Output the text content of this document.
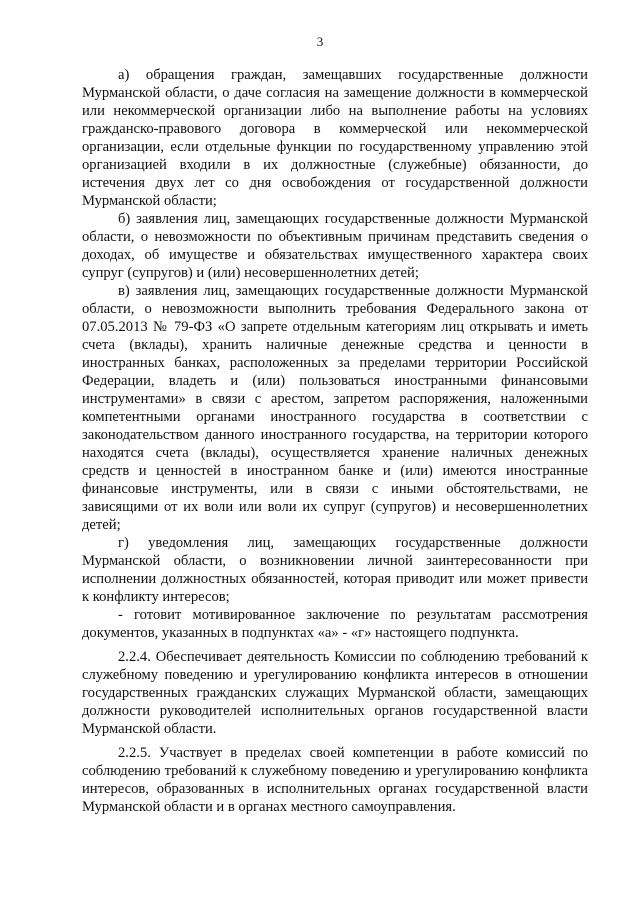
3

а) обращения граждан, замещавших государственные должности Мурманской области, о даче согласия на замещение должности в коммерческой или некоммерческой организации либо на выполнение работы на условиях гражданско-правового договора в коммерческой или некоммерческой организации, если отдельные функции по государственному управлению этой организацией входили в их должностные (служебные) обязанности, до истечения двух лет со дня освобождения от государственной должности Мурманской области;

б) заявления лиц, замещающих государственные должности Мурманской области, о невозможности по объективным причинам представить сведения о доходах, об имуществе и обязательствах имущественного характера своих супруг (супругов) и (или) несовершеннолетних детей;

в) заявления лиц, замещающих государственные должности Мурманской области, о невозможности выполнить требования Федерального закона от 07.05.2013 № 79-ФЗ «О запрете отдельным категориям лиц открывать и иметь счета (вклады), хранить наличные денежные средства и ценности в иностранных банках, расположенных за пределами территории Российской Федерации, владеть и (или) пользоваться иностранными финансовыми инструментами» в связи с арестом, запретом распоряжения, наложенными компетентными органами иностранного государства в соответствии с законодательством данного иностранного государства, на территории которого находятся счета (вклады), осуществляется хранение наличных денежных средств и ценностей в иностранном банке и (или) имеются иностранные финансовые инструменты, или в связи с иными обстоятельствами, не зависящими от их воли или воли их супруг (супругов) и несовершеннолетних детей;

г) уведомления лиц, замещающих государственные должности Мурманской области, о возникновении личной заинтересованности при исполнении должностных обязанностей, которая приводит или может привести к конфликту интересов;

- готовит мотивированное заключение по результатам рассмотрения документов, указанных в подпунктах «а» - «г» настоящего подпункта.

2.2.4. Обеспечивает деятельность Комиссии по соблюдению требований к служебному поведению и урегулированию конфликта интересов в отношении государственных гражданских служащих Мурманской области, замещающих должности руководителей исполнительных органов государственной власти Мурманской области.

2.2.5. Участвует в пределах своей компетенции в работе комиссий по соблюдению требований к служебному поведению и урегулированию конфликта интересов, образованных в исполнительных органах государственной власти Мурманской области и в органах местного самоуправления.
